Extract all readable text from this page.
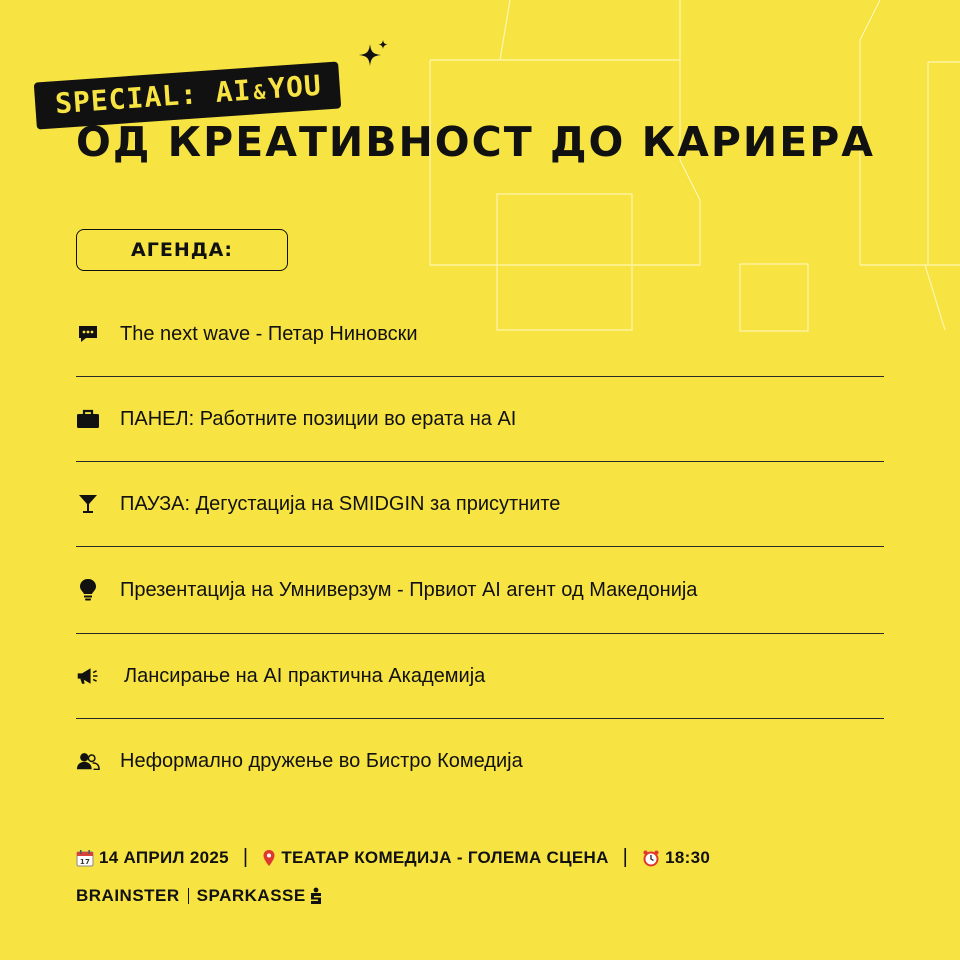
SPECIAL: AI&YOU
ОД КРЕАТИВНОСТ ДО КАРИЕРА
АГЕНДА:
The next wave - Петар Ниновски
ПАНЕЛ: Работните позиции во ерата на AI
ПАУЗА: Дегустација на SMIDGIN за присутните
Презентација на Умниверзум - Првиот AI агент од Македонија
Лансирање на AI практична Академија
Неформално дружење во Бистро Комедија
17 14 АПРИЛ 2025 | ТЕАТАР КОМЕДИЈА - ГОЛЕМА СЦЕНА | 18:30
BRAINSTER SPARKASSE
